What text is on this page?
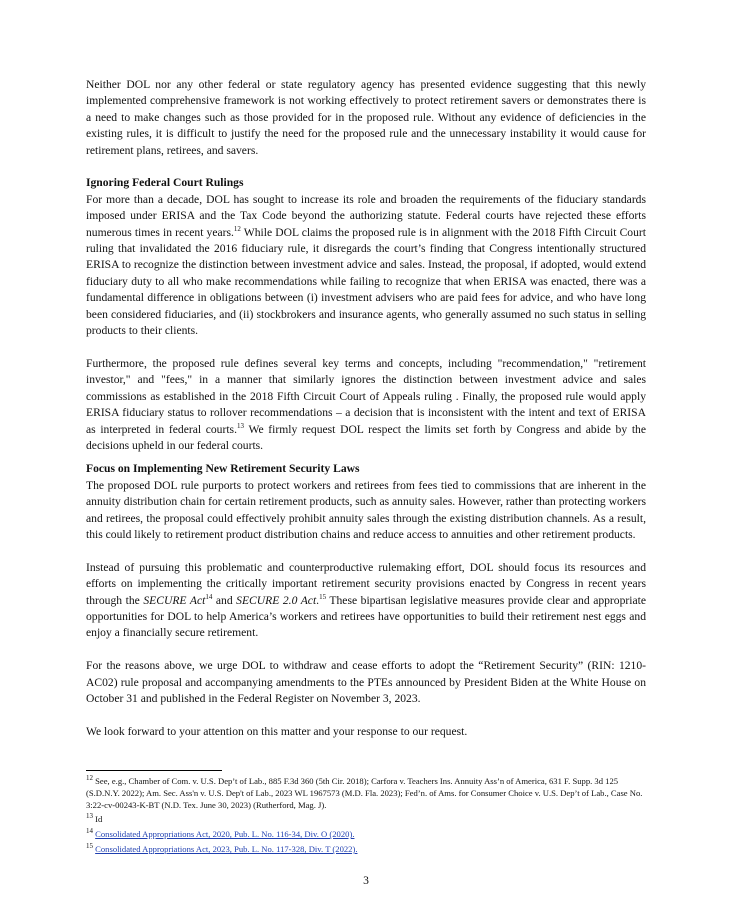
Neither DOL nor any other federal or state regulatory agency has presented evidence suggesting that this newly implemented comprehensive framework is not working effectively to protect retirement savers or demonstrates there is a need to make changes such as those provided for in the proposed rule. Without any evidence of deficiencies in the existing rules, it is difficult to justify the need for the proposed rule and the unnecessary instability it would cause for retirement plans, retirees, and savers.

Ignoring Federal Court Rulings

For more than a decade, DOL has sought to increase its role and broaden the requirements of the fiduciary standards imposed under ERISA and the Tax Code beyond the authorizing statute. Federal courts have rejected these efforts numerous times in recent years.$^{12}$ While DOL claims the proposed rule is in alignment with the 2018 Fifth Circuit Court ruling that invalidated the 2016 fiduciary rule, it disregards the court’s finding that Congress intentionally structured ERISA to recognize the distinction between investment advice and sales. Instead, the proposal, if adopted, would extend fiduciary duty to all who make recommendations while failing to recognize that when ERISA was enacted, there was a fundamental difference in obligations between (i) investment advisers who are paid fees for advice, and who have long been considered fiduciaries, and (ii) stockbrokers and insurance agents, who generally assumed no such status in selling products to their clients.

Furthermore, the proposed rule defines several key terms and concepts, including "recommendation," "retirement investor," and "fees," in a manner that similarly ignores the distinction between investment advice and sales commissions as established in the 2018 Fifth Circuit Court of Appeals ruling . Finally, the proposed rule would apply ERISA fiduciary status to rollover recommendations – a decision that is inconsistent with the intent and text of ERISA as interpreted in federal courts.$^{13}$ We firmly request DOL respect the limits set forth by Congress and abide by the decisions upheld in our federal courts.

Focus on Implementing New Retirement Security Laws

The proposed DOL rule purports to protect workers and retirees from fees tied to commissions that are inherent in the annuity distribution chain for certain retirement products, such as annuity sales. However, rather than protecting workers and retirees, the proposal could effectively prohibit annuity sales through the existing distribution channels. As a result, this could likely to retirement product distribution chains and reduce access to annuities and other retirement products.

Instead of pursuing this problematic and counterproductive rulemaking effort, DOL should focus its resources and efforts on implementing the critically important retirement security provisions enacted by Congress in recent years through the SECURE Act$^{14}$ and SECURE 2.0 Act.$^{15}$ These bipartisan legislative measures provide clear and appropriate opportunities for DOL to help America’s workers and retirees have opportunities to build their retirement nest eggs and enjoy a financially secure retirement.

For the reasons above, we urge DOL to withdraw and cease efforts to adopt the “Retirement Security” (RIN: 1210-AC02) rule proposal and accompanying amendments to the PTEs announced by President Biden at the White House on October 31 and published in the Federal Register on November 3, 2023.

We look forward to your attention on this matter and your response to our request.

$^{12}$ See, e.g., Chamber of Com. v. U.S. Dep’t of Lab., 885 F.3d 360 (5th Cir. 2018); Carfora v. Teachers Ins. Annuity Ass’n of America, 631 F. Supp. 3d 125 (S.D.N.Y. 2022); Am. Sec. Ass'n v. U.S. Dep't of Lab., 2023 WL 1967573 (M.D. Fla. 2023); Fed’n. of Ams. for Consumer Choice v. U.S. Dep’t of Lab., Case No. 3:22-cv-00243-K-BT (N.D. Tex. June 30, 2023) (Rutherford, Mag. J).

$^{13}$ Id

$^{14}$ Consolidated Appropriations Act, 2020, Pub. L. No. 116-34, Div. O (2020).

$^{15}$ Consolidated Appropriations Act, 2023, Pub. L. No. 117-328, Div. T (2022).

3
